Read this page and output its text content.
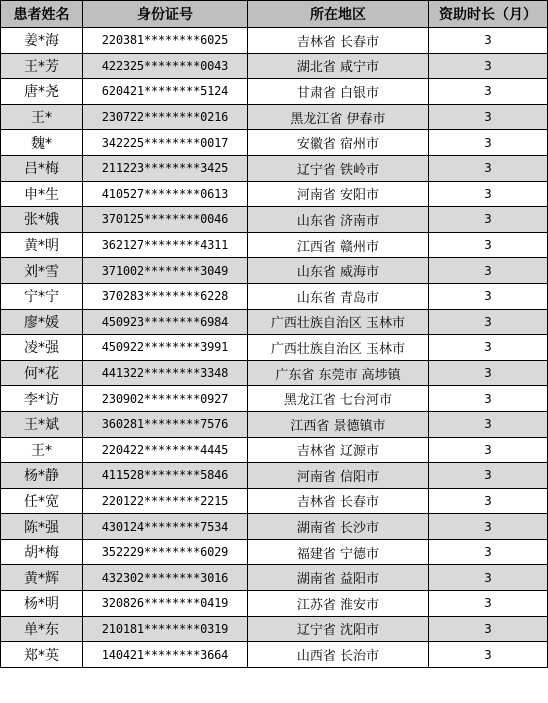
患者姓名	身份证号	所在地区	资助时长（月）
姜*海	220381********6025	吉林省 长春市	3
王*芳	422325********0043	湖北省 咸宁市	3
唐*尧	620421********5124	甘肃省 白银市	3
王*	230722********0216	黑龙江省 伊春市	3
魏*	342225********0017	安徽省 宿州市	3
吕*梅	211223********3425	辽宁省 铁岭市	3
申*生	410527********0613	河南省 安阳市	3
张*娥	370125********0046	山东省 济南市	3
黄*明	362127********4311	江西省 赣州市	3
刘*雪	371002********3049	山东省 威海市	3
宁*宁	370283********6228	山东省 青岛市	3
廖*媛	450923********6984	广西壮族自治区 玉林市	3
凌*强	450922********3991	广西壮族自治区 玉林市	3
何*花	441322********3348	广东省 东莞市 高埗镇	3
李*访	230902********0927	黑龙江省 七台河市	3
王*斌	360281********7576	江西省 景德镇市	3
王*	220422********4445	吉林省 辽源市	3
杨*静	411528********5846	河南省 信阳市	3
任*宽	220122********2215	吉林省 长春市	3
陈*强	430124********7534	湖南省 长沙市	3
胡*梅	352229********6029	福建省 宁德市	3
黄*辉	432302********3016	湖南省 益阳市	3
杨*明	320826********0419	江苏省 淮安市	3
单*东	210181********0319	辽宁省 沈阳市	3
郑*英	140421********3664	山西省 长治市	3
